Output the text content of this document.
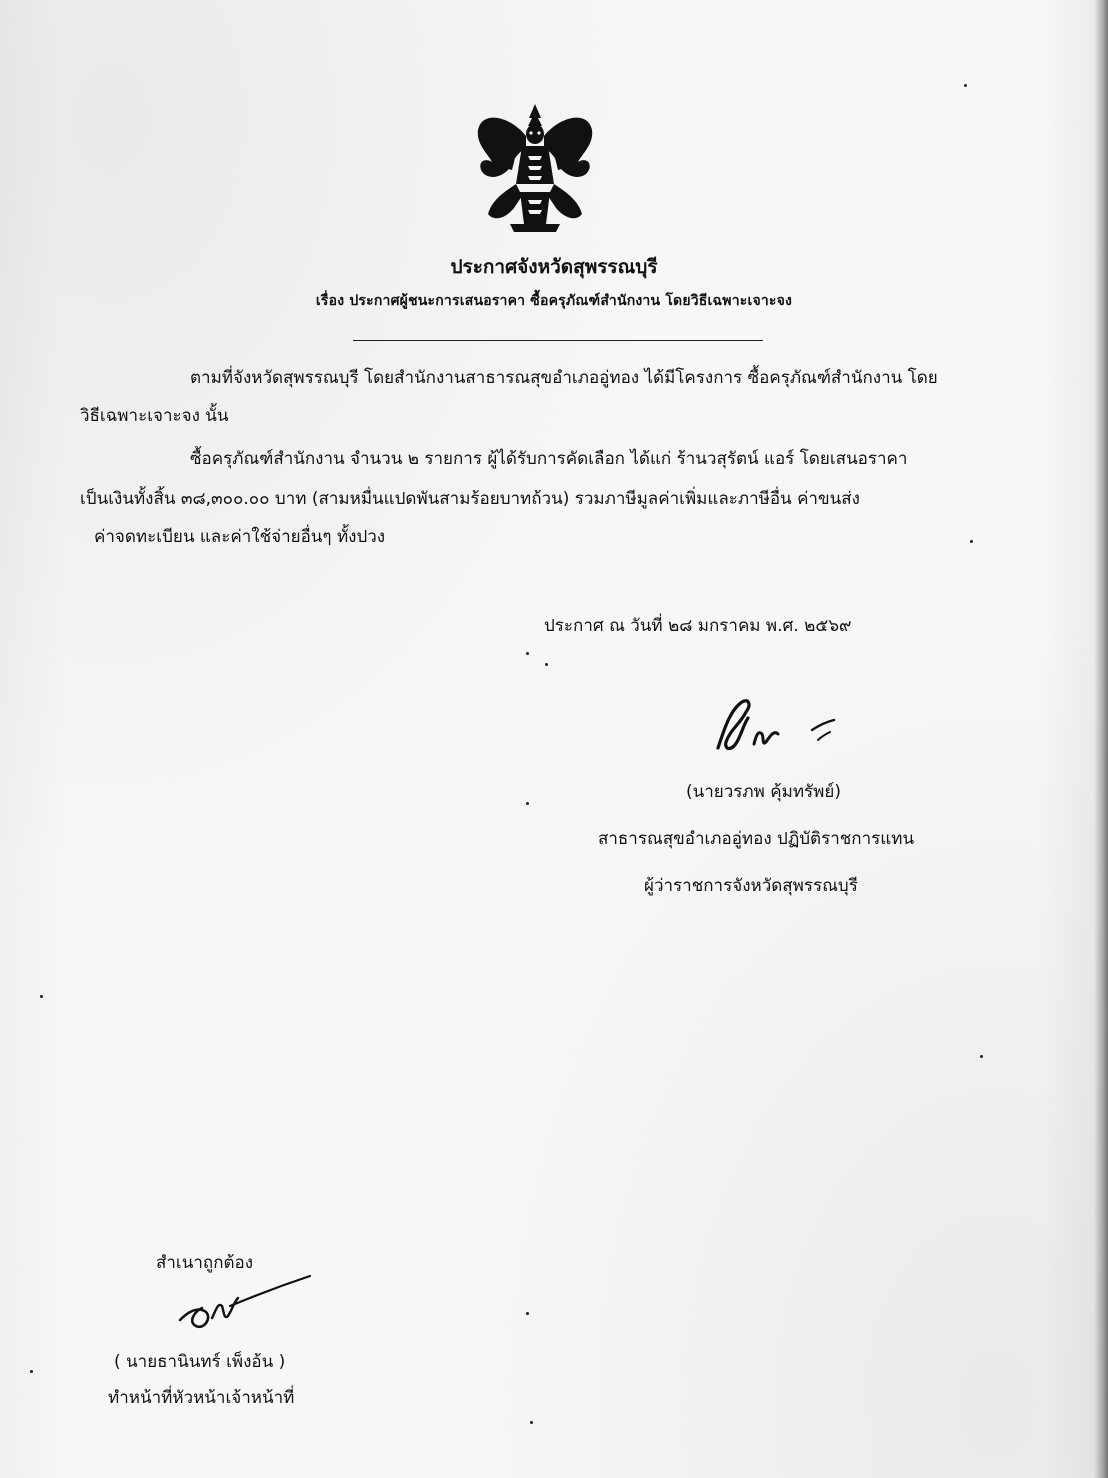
ประกาศจังหวัดสุพรรณบุรี
เรื่อง ประกาศผู้ชนะการเสนอราคา ซื้อครุภัณฑ์สำนักงาน โดยวิธีเฉพาะเจาะจง
ตามที่จังหวัดสุพรรณบุรี โดยสำนักงานสาธารณสุขอำเภออู่ทอง ได้มีโครงการ ซื้อครุภัณฑ์สำนักงาน โดย
วิธีเฉพาะเจาะจง นั้น
ซื้อครุภัณฑ์สำนักงาน จำนวน ๒ รายการ ผู้ได้รับการคัดเลือก ได้แก่ ร้านวสุรัตน์ แอร์ โดยเสนอราคา
เป็นเงินทั้งสิ้น ๓๘,๓๐๐.๐๐ บาท (สามหมื่นแปดพันสามร้อยบาทถ้วน) รวมภาษีมูลค่าเพิ่มและภาษีอื่น ค่าขนส่ง
ค่าจดทะเบียน และค่าใช้จ่ายอื่นๆ ทั้งปวง
ประกาศ ณ วันที่ ๒๘ มกราคม พ.ศ. ๒๕๖๙
(นายวรภพ คุ้มทรัพย์)
สาธารณสุขอำเภออู่ทอง ปฏิบัติราชการแทน
ผู้ว่าราชการจังหวัดสุพรรณบุรี
สำเนาถูกต้อง
( นายธานินทร์ เพ็งอ้น )
ทำหน้าที่หัวหน้าเจ้าหน้าที่
